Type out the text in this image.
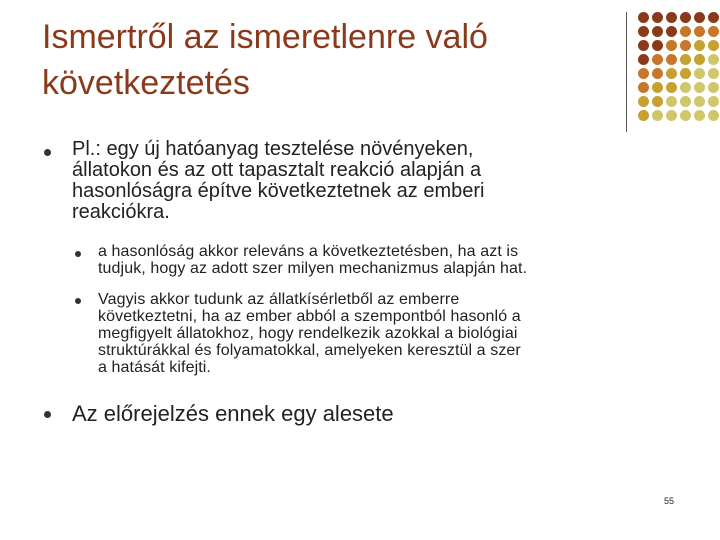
Ismertről az ismeretlenre való
következtetés
Pl.: egy új hatóanyag tesztelése növényeken,
állatokon és az ott tapasztalt reakció alapján a
hasonlóságra építve következtetnek az emberi
reakciókra.
a hasonlóság akkor releváns a következtetésben, ha azt is
tudjuk, hogy az adott szer milyen mechanizmus alapján hat.
Vagyis akkor tudunk az állatkísérletből az emberre
következtetni, ha az ember abból a szempontból hasonló a
megfigyelt állatokhoz, hogy rendelkezik azokkal a biológiai
struktúrákkal és folyamatokkal, amelyeken keresztül a szer
a hatását kifejti.
Az előrejelzés ennek egy alesete
55
